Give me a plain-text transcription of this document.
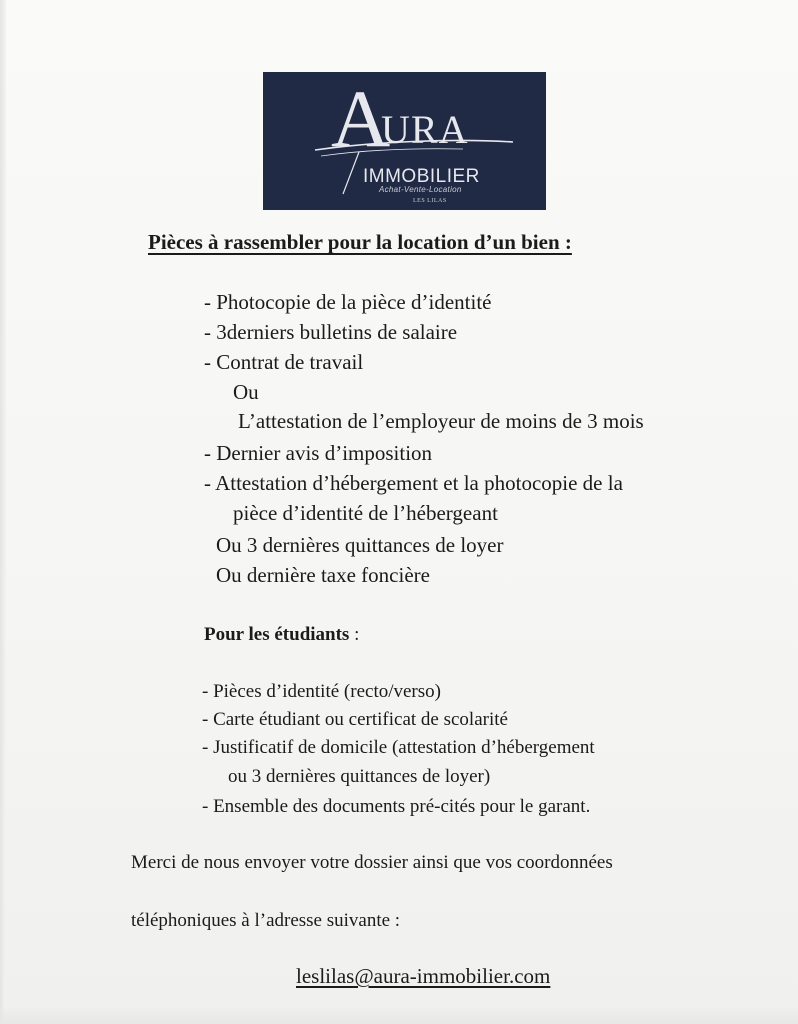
A
URA
IMMOBILIER
Achat-Vente-Location
LES LILAS
Pièces à rassembler pour la location d’un bien :
- Photocopie de la pièce d’identité
- 3derniers bulletins de salaire
- Contrat de travail
Ou
L’attestation de l’employeur de moins de 3 mois
- Dernier avis d’imposition
- Attestation d’hébergement et la photocopie de la
pièce d’identité de l’hébergeant
Ou 3 dernières quittances de loyer
Ou dernière taxe foncière
Pour les étudiants :
- Pièces d’identité (recto/verso)
- Carte étudiant ou certificat de scolarité
- Justificatif de domicile (attestation d’hébergement
ou 3 dernières quittances de loyer)
- Ensemble des documents pré-cités pour le garant.
Merci de nous envoyer votre dossier ainsi que vos coordonnées
téléphoniques à l’adresse suivante :
leslilas@aura-immobilier.com
